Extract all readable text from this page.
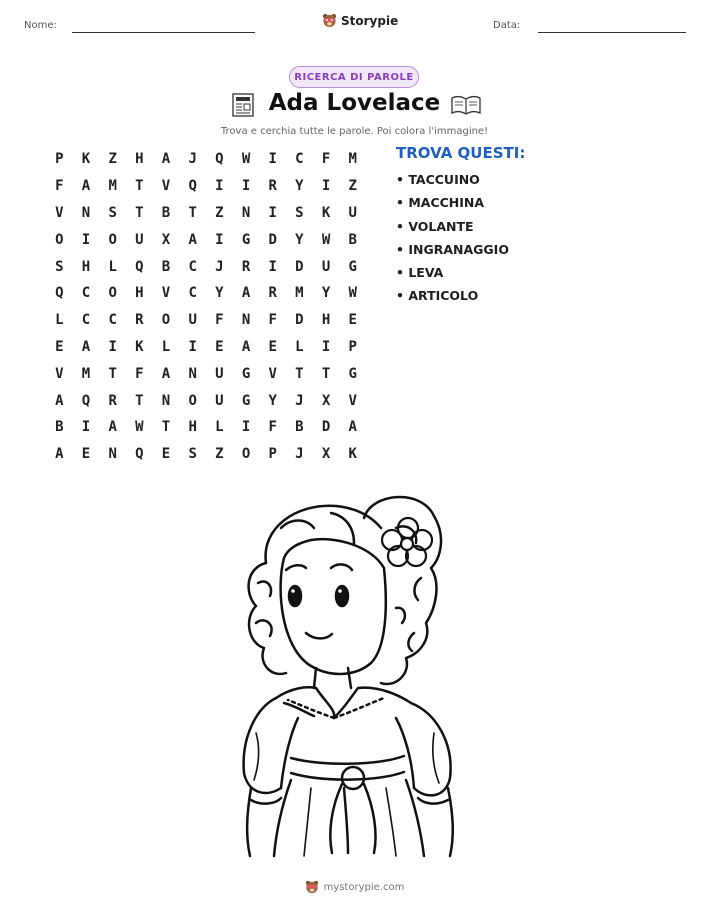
Nome:	Storypie	Data:
RICERCA DI PAROLE
Ada Lovelace
Trova e cerchia tutte le parole. Poi colora l'immagine!
P	K	Z	H	A	J	Q	W	I	C	F	M
F	A	M	T	V	Q	I	I	R	Y	I	Z
V	N	S	T	B	T	Z	N	I	S	K	U
O	I	O	U	X	A	I	G	D	Y	W	B
S	H	L	Q	B	C	J	R	I	D	U	G
Q	C	O	H	V	C	Y	A	R	M	Y	W
L	C	C	R	O	U	F	N	F	D	H	E
E	A	I	K	L	I	E	A	E	L	I	P
V	M	T	F	A	N	U	G	V	T	T	G
A	Q	R	T	N	O	U	G	Y	J	X	V
B	I	A	W	T	H	L	I	F	B	D	A
A	E	N	Q	E	S	Z	O	P	J	X	K
TROVA QUESTI:
• TACCUINO
• MACCHINA
• VOLANTE
• INGRANAGGIO
• LEVA
• ARTICOLO
mystorypie.com
